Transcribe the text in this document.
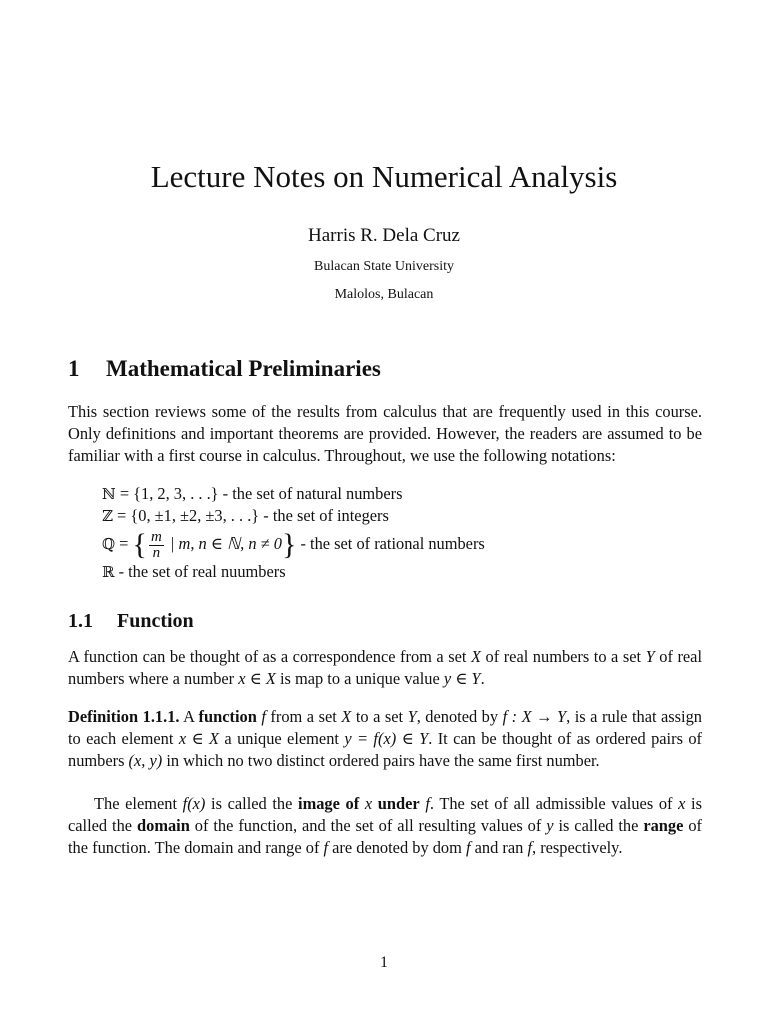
Lecture Notes on Numerical Analysis
Harris R. Dela Cruz
Bulacan State University
Malolos, Bulacan
1 Mathematical Preliminaries

This section reviews some of the results from calculus that are frequently used in this course. Only definitions and important theorems are provided. However, the readers are assumed to be familiar with a first course in calculus. Throughout, we use the following notations:

ℕ = {1, 2, 3, . . .} - the set of natural numbers
ℤ = {0, ±1, ±2, ±3, . . .} - the set of integers
ℚ = { $\frac{m}{n}$ | m, n ∈ ℕ, n ≠ 0} - the set of rational numbers
ℝ - the set of real nuumbers
1.1 Function

A function can be thought of as a correspondence from a set X of real numbers to a set Y of real numbers where a number x ∈ X is map to a unique value y ∈ Y.

Definition 1.1.1. A function f from a set X to a set Y, denoted by f : X → Y, is a rule that assign to each element x ∈ X a unique element y = f(x) ∈ Y. It can be thought of as ordered pairs of numbers (x, y) in which no two distinct ordered pairs have the same first number.

The element f(x) is called the image of x under f. The set of all admissible values of x is called the domain of the function, and the set of all resulting values of y is called the range of the function. The domain and range of f are denoted by dom f and ran f, respectively.

1
